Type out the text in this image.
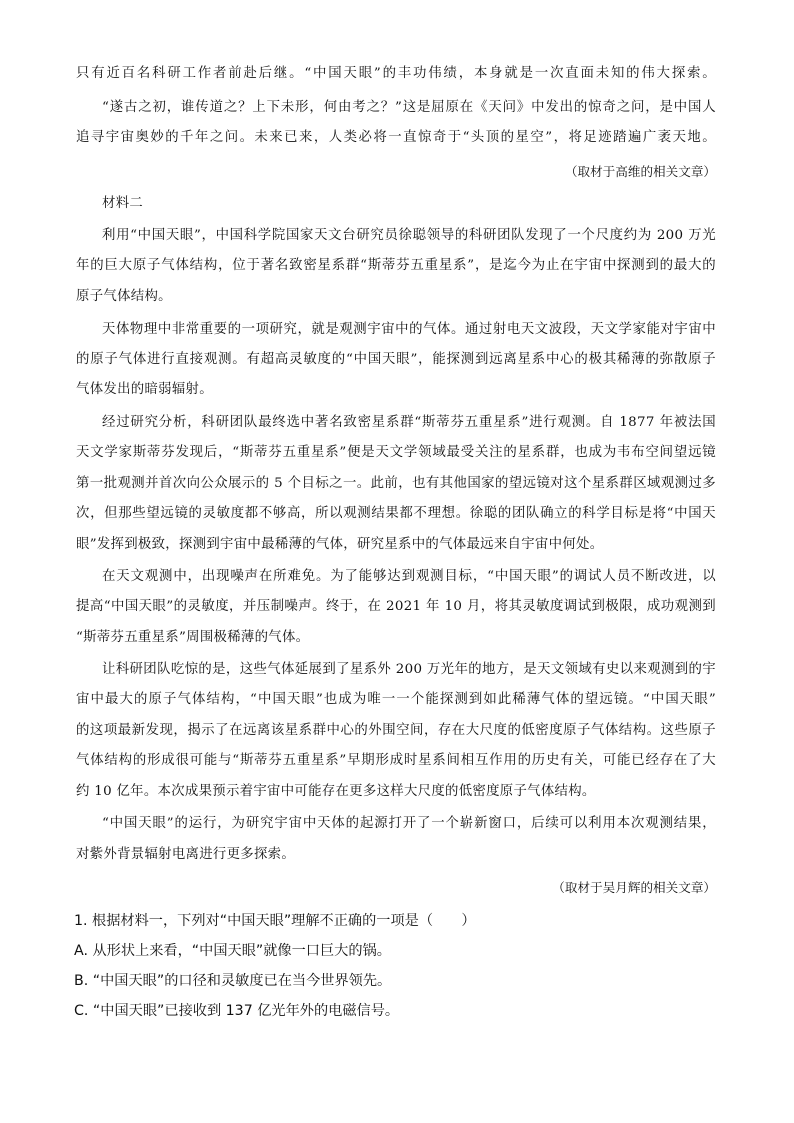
只有近百名科研工作者前赴后继。“中国天眼”的丰功伟绩，本身就是一次直面未知的伟大探索。
“遂古之初，谁传道之？上下未形，何由考之？”这是屈原在《天问》中发出的惊奇之问，是中国人
追寻宇宙奥妙的千年之问。未来已来，人类必将一直惊奇于“头顶的星空”，将足迹踏遍广袤天地。
（取材于高维的相关文章）
材料二
利用“中国天眼”，中国科学院国家天文台研究员徐聪领导的科研团队发现了一个尺度约为 200 万光
年的巨大原子气体结构，位于著名致密星系群“斯蒂芬五重星系”，是迄今为止在宇宙中探测到的最大的
原子气体结构。
天体物理中非常重要的一项研究，就是观测宇宙中的气体。通过射电天文波段，天文学家能对宇宙中
的原子气体进行直接观测。有超高灵敏度的“中国天眼”，能探测到远离星系中心的极其稀薄的弥散原子
气体发出的暗弱辐射。
经过研究分析，科研团队最终选中著名致密星系群“斯蒂芬五重星系”进行观测。自 1877 年被法国
天文学家斯蒂芬发现后，“斯蒂芬五重星系”便是天文学领域最受关注的星系群，也成为韦布空间望远镜
第一批观测并首次向公众展示的 5 个目标之一。此前，也有其他国家的望远镜对这个星系群区域观测过多
次，但那些望远镜的灵敏度都不够高，所以观测结果都不理想。徐聪的团队确立的科学目标是将“中国天
眼”发挥到极致，探测到宇宙中最稀薄的气体，研究星系中的气体最远来自宇宙中何处。
在天文观测中，出现噪声在所难免。为了能够达到观测目标，“中国天眼”的调试人员不断改进，以
提高“中国天眼”的灵敏度，并压制噪声。终于，在 2021 年 10 月，将其灵敏度调试到极限，成功观测到
“斯蒂芬五重星系”周围极稀薄的气体。
让科研团队吃惊的是，这些气体延展到了星系外 200 万光年的地方，是天文领域有史以来观测到的宇
宙中最大的原子气体结构，“中国天眼”也成为唯一一个能探测到如此稀薄气体的望远镜。“中国天眼”
的这项最新发现，揭示了在远离该星系群中心的外围空间，存在大尺度的低密度原子气体结构。这些原子
气体结构的形成很可能与“斯蒂芬五重星系”早期形成时星系间相互作用的历史有关，可能已经存在了大
约 10 亿年。本次成果预示着宇宙中可能存在更多这样大尺度的低密度原子气体结构。
“中国天眼”的运行，为研究宇宙中天体的起源打开了一个崭新窗口，后续可以利用本次观测结果，
对紫外背景辐射电离进行更多探索。
（取材于吴月辉的相关文章）
1. 根据材料一，下列对“中国天眼”理解不正确的一项是（　　）
A. 从形状上来看，“中国天眼”就像一口巨大的锅。
B. “中国天眼”的口径和灵敏度已在当今世界领先。
C. “中国天眼”已接收到 137 亿光年外的电磁信号。
